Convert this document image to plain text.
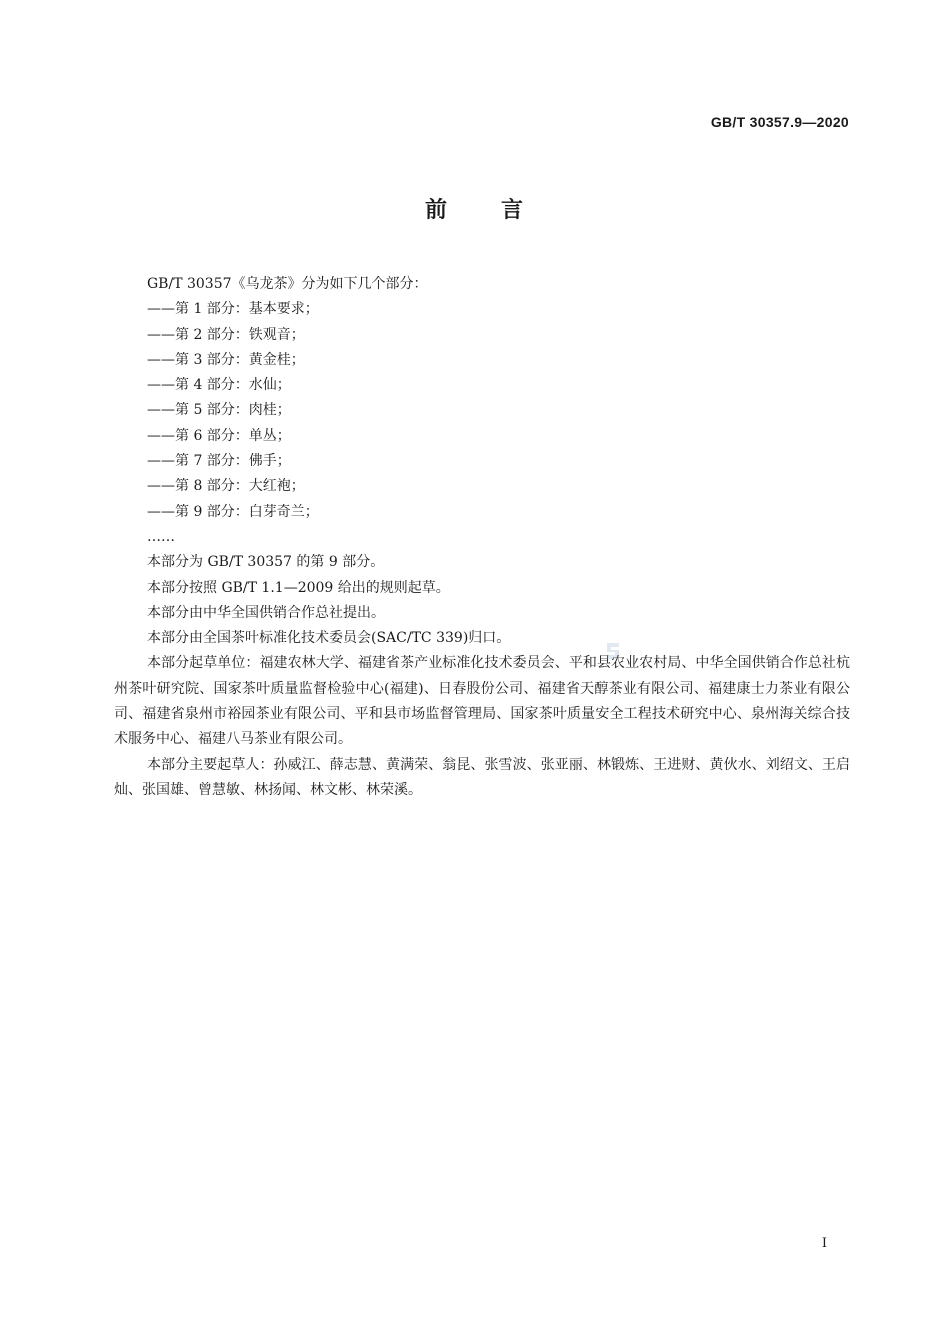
GB/T 30357.9—2020
前 言

GB/T 30357《乌龙茶》分为如下几个部分：

——第 1 部分：基本要求；

——第 2 部分：铁观音；

——第 3 部分：黄金桂；

——第 4 部分：水仙；

——第 5 部分：肉桂；

——第 6 部分：单丛；

——第 7 部分：佛手；

——第 8 部分：大红袍；

——第 9 部分：白芽奇兰；

……

本部分为 GB/T 30357 的第 9 部分。

本部分按照 GB/T 1.1—2009 给出的规则起草。

本部分由中华全国供销合作总社提出。

本部分由全国茶叶标准化技术委员会(SAC/TC 339)归口。

本部分起草单位：福建农林大学、福建省茶产业标准化技术委员会、平和县农业农村局、中华全国供销合作总社杭州茶叶研究院、国家茶叶质量监督检验中心(福建)、日春股份公司、福建省天醇茶业有限公司、福建康士力茶业有限公司、福建省泉州市裕园茶业有限公司、平和县市场监督管理局、国家茶叶质量安全工程技术研究中心、泉州海关综合技术服务中心、福建八马茶业有限公司。

本部分主要起草人：孙威江、薛志慧、黄满荣、翁昆、张雪波、张亚丽、林锻炼、王进财、黄伙水、刘绍文、王启灿、张国雄、曾慧敏、林扬闻、林文彬、林荣溪。

I
